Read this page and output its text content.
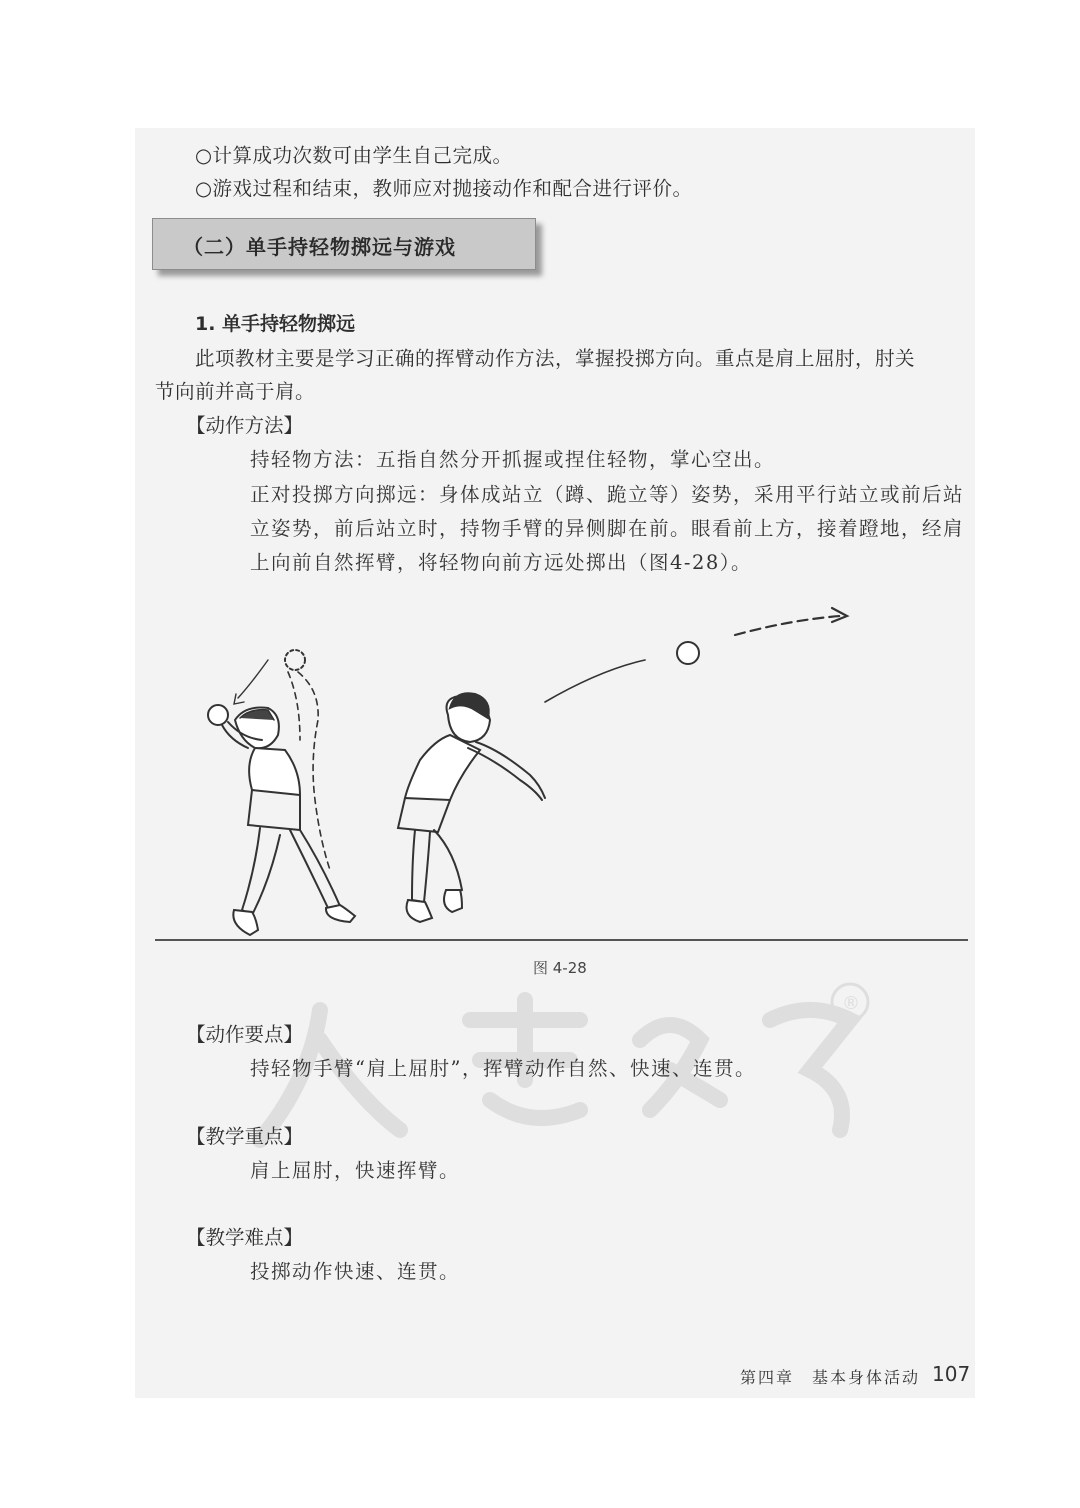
○计算成功次数可由学生自己完成。
○游戏过程和结束，教师应对抛接动作和配合进行评价。
（二）单手持轻物掷远与游戏
1. 单手持轻物掷远
此项教材主要是学习正确的挥臂动作方法，掌握投掷方向。重点是肩上屈肘，肘关
节向前并高于肩。
【动作方法】
持轻物方法：五指自然分开抓握或捏住轻物，掌心空出。
正对投掷方向掷远：身体成站立（蹲、跪立等）姿势，采用平行站立或前后站
立姿势，前后站立时，持物手臂的异侧脚在前。眼看前上方，接着蹬地，经肩
上向前自然挥臂，将轻物向前方远处掷出（图4-28）。
图 4-28
®
【动作要点】
持轻物手臂“肩上屈肘”，挥臂动作自然、快速、连贯。
【教学重点】
肩上屈肘，快速挥臂。
【教学难点】
投掷动作快速、连贯。
第四章　基本身体活动 107
